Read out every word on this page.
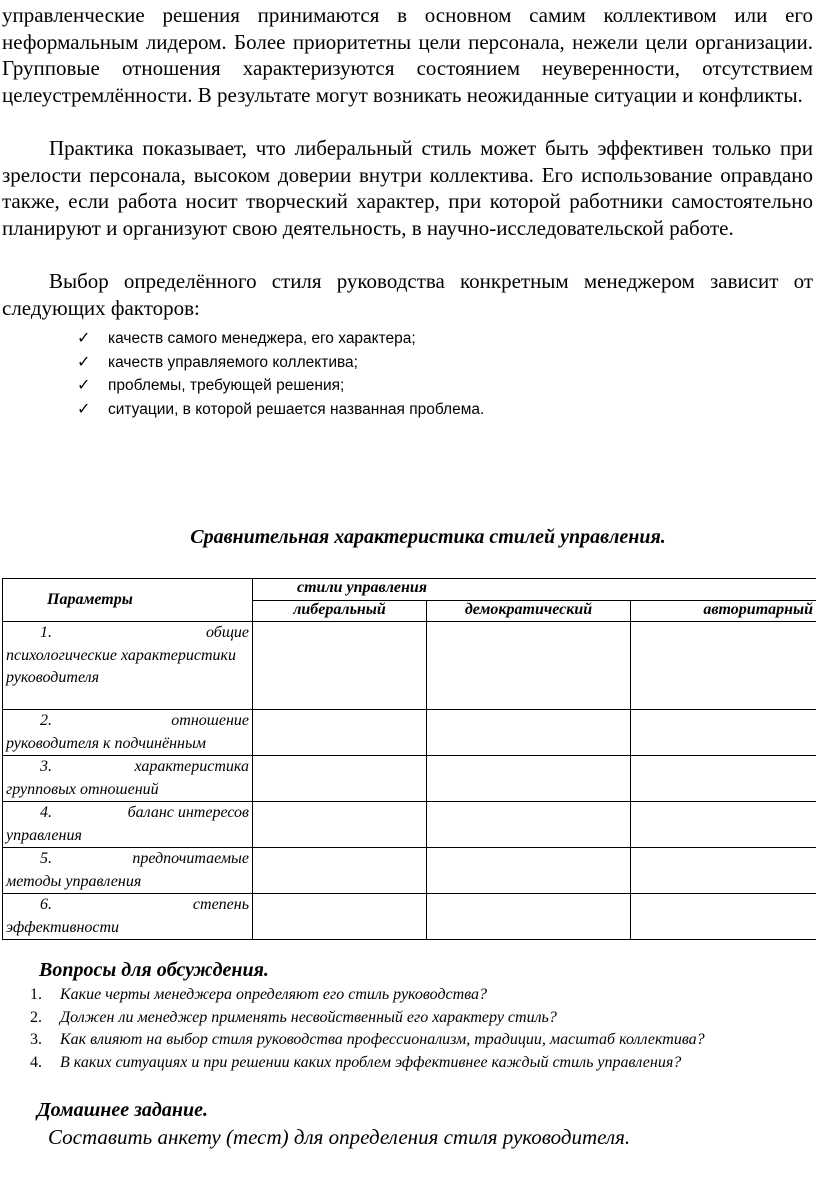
управленческие решения принимаются в основном самим коллективом или его неформальным лидером. Более приоритетны цели персонала, нежели цели организации. Групповые отношения характеризуются состоянием неуверенности, отсутствием целеустремлённости. В результате могут возникать неожиданные ситуации и конфликты.

Практика показывает, что либеральный стиль может быть эффективен только при зрелости персонала, высоком доверии внутри коллектива. Его использование оправдано также, если работа носит творческий характер, при которой работники самостоятельно планируют и организуют свою деятельность, в научно-исследовательской работе.

Выбор определённого стиля руководства конкретным менеджером зависит от следующих факторов:

✓	качеств самого менеджера, его характера;
✓	качеств управляемого коллектива;
✓	проблемы, требующей решения;
✓	ситуации, в которой решается названная проблема.
Сравнительная характеристика стилей управления.
Параметры	стили управления		
	либеральный	демократический	авторитарный

1. общие
психологические характеристики руководителя			

2. отношение
руководителя к подчинённым			

3. характеристика
групповых отношений			

4. баланс интересов
управления			

5. предпочитаемые
методы управления			

6. степень
эффективности			

Вопросы для обсуждения.
1.	Какие черты менеджера определяют его стиль руководства?
2.	Должен ли менеджер применять несвойственный его характеру стиль?
3.	Как влияют на выбор стиля руководства профессионализм, традиции, масштаб коллектива?
4.	В каких ситуациях и при решении каких проблем эффективнее каждый стиль управления?
Домашнее задание.
Составить анкету (тест) для определения стиля руководителя.
